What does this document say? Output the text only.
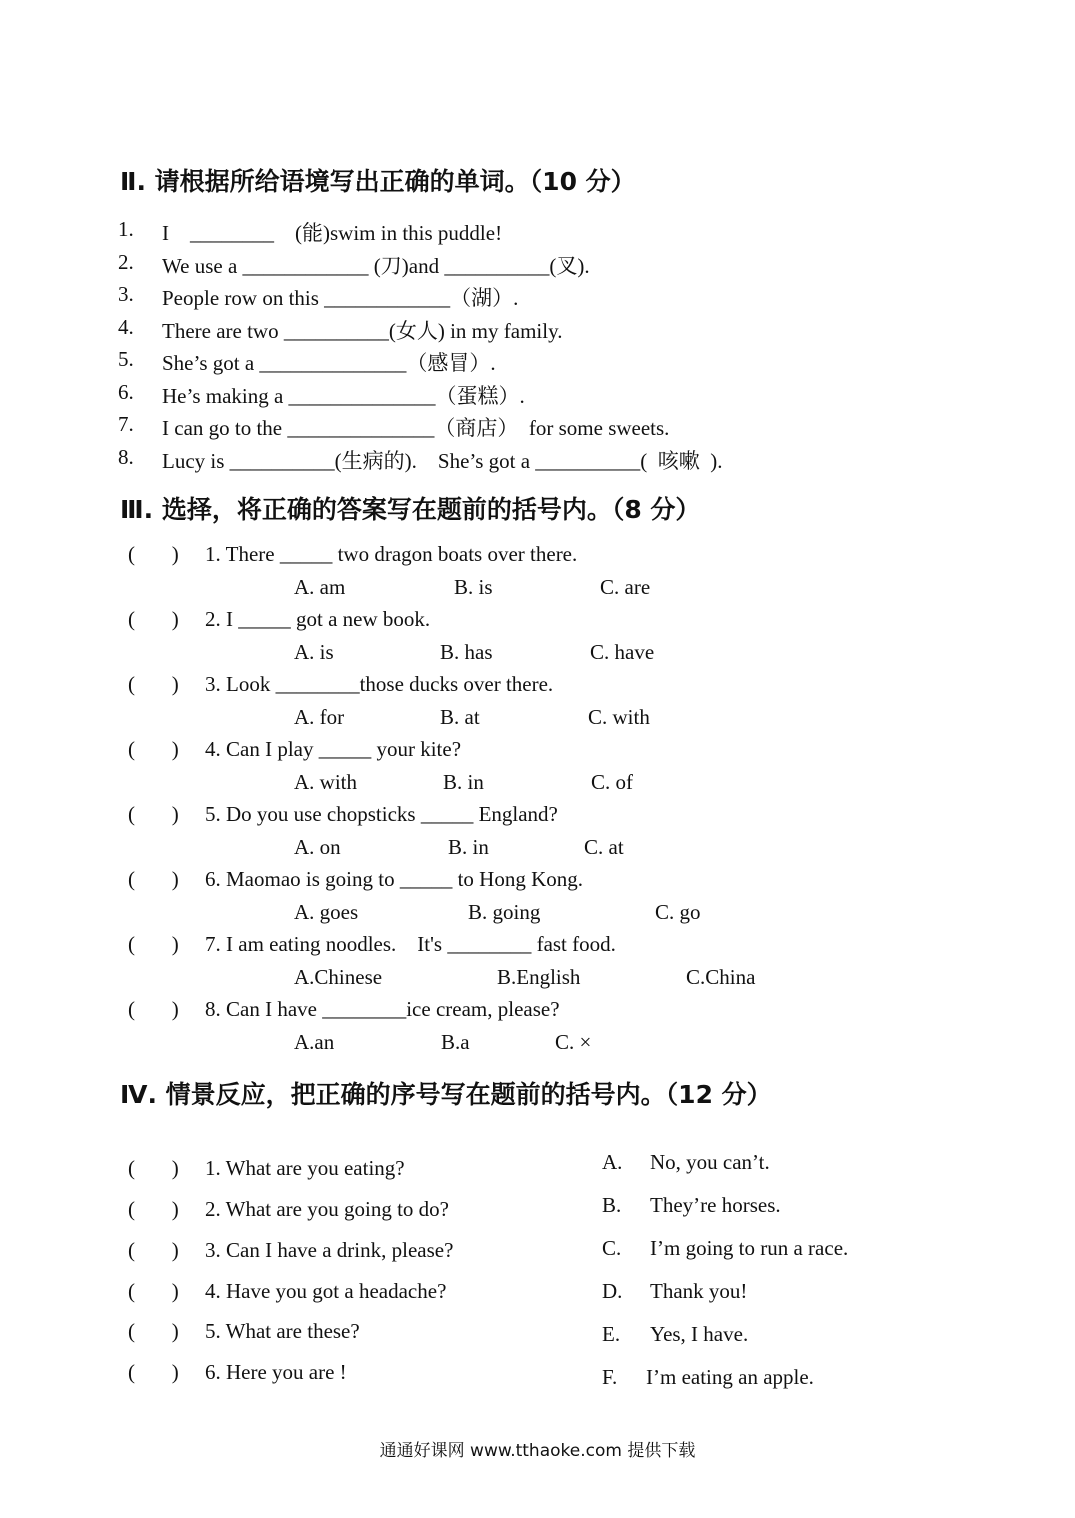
Ⅱ. 请根据所给语境写出正确的单词。（10 分）
1. I    ________    (能)swim in this puddle!
2. We use a ____________ (刀)and __________(叉).
3. People row on this ____________（湖）.
4. There are two __________(女人) in my family.
5. She’s got a ______________（感冒）.
6. He’s making a ______________（蛋糕）.
7. I can go to the ______________（商店）  for some sweets.
8. Lucy is __________(生病的).    She’s got a __________(  咳嗽  ).
Ⅲ. 选择，将正确的答案写在题前的括号内。（8 分）
(       ) 1. There _____ two dragon boats over there.
A. am	B. is	C. are
(       ) 2. I _____ got a new book.
A. is	B. has	C. have
(       ) 3. Look ________those ducks over there.
A. for	B. at	C. with
(       ) 4. Can I play _____ your kite?
A. with	B. in	C. of
(       ) 5. Do you use chopsticks _____ England?
A. on	B. in	C. at
(       ) 6. Maomao is going to _____ to Hong Kong.
A. goes	B. going	C. go
(       ) 7. I am eating noodles.    It's ________ fast food.
A.Chinese	B.English	C.China
(       ) 8. Can I have ________ice cream, please?
A.an	B.a	C. ×
Ⅳ. 情景反应，把正确的序号写在题前的括号内。（12 分）
(       ) 1. What are you eating?
(       ) 2. What are you going to do?
(       ) 3. Can I have a drink, please?
(       ) 4. Have you got a headache?
(       ) 5. What are these?
(       ) 6. Here you are !
A. No, you can’t.
B. They’re horses.
C. I’m going to run a race.
D. Thank you!
E. Yes, I have.
F. I’m eating an apple.
通通好课网 www.tthaoke.com 提供下载
